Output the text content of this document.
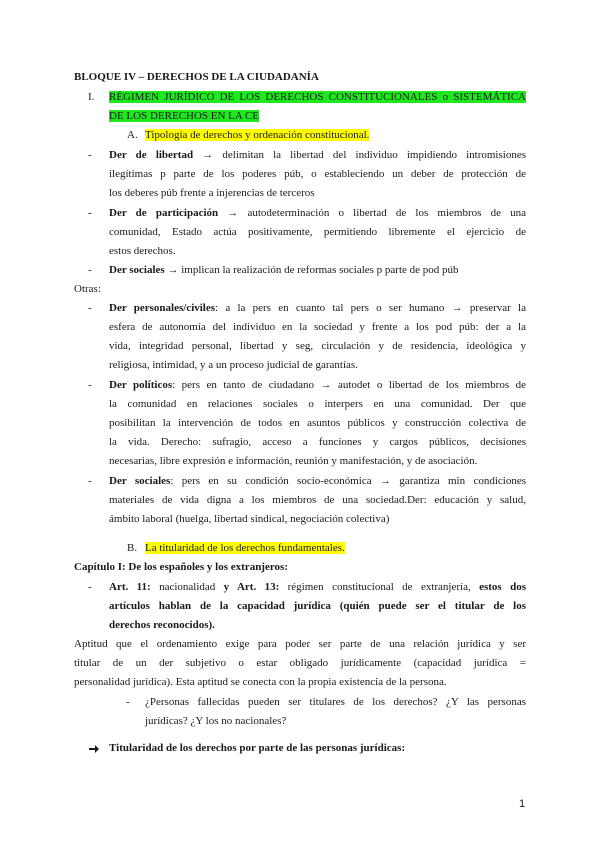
BLOQUE IV – DERECHOS DE LA CIUDADANÍA
I. RÉGIMEN JURÍDICO DE LOS DERECHOS CONSTITUCIONALES o SISTEMÁTICA
DE LOS DERECHOS EN LA CE
A. Tipología de derechos y ordenación constitucional.
- Der de libertad → delimitan la libertad del individuo impidiendo intromisiones
ilegítimas p parte de los poderes púb, o estableciendo un deber de protección de
los deberes púb frente a injerencias de terceros
- Der de participación → autodeterminación o libertad de los miembros de una
comunidad, Estado actúa positivamente, permitiendo libremente el ejercicio de
estos derechos.
- Der sociales → implican la realización de reformas sociales p parte de pod púb
Otras:
- Der personales/civiles: a la pers en cuanto tal pers o ser humano → preservar la
esfera de autonomía del individuo en la sociedad y frente a los pod púb: der a la
vida, integridad personal, libertad y seg, circulación y de residencia, ideológica y
religiosa, intimidad, y a un proceso judicial de garantías.
- Der políticos: pers en tanto de ciudadano → autodet o libertad de los miembros de
la comunidad en relaciones sociales o interpers en una comunidad. Der que
posibilitan la intervención de todos en asuntos públicos y construcción colectiva de
la vida. Derecho: sufragio, acceso a funciones y cargos públicos, decisiones
necesarias, libre expresión e información, reunión y manifestación, y de asociación.
- Der sociales: pers en su condición socio-económica → garantiza min condiciones
materiales de vida digna a los miembros de una sociedad.Der: educación y salud,
ámbito laboral (huelga, libertad sindical, negociación colectiva)
B. La titularidad de los derechos fundamentales.
Capítulo I: De los españoles y los extranjeros:
- Art. 11: nacionalidad y Art. 13: régimen constitucional de extranjería, estos dos
artículos hablan de la capacidad jurídica (quién puede ser el titular de los
derechos reconocidos).
Aptitud que el ordenamiento exige para poder ser parte de una relación jurídica y ser
titular de un der subjetivo o estar obligado jurídicamente (capacidad jurídica =
personalidad jurídica). Esta aptitud se conecta con la propia existencia de la persona.
- ¿Personas fallecidas pueden ser titulares de los derechos? ¿Y las personas
jurídicas? ¿Y los no nacionales?
Titularidad de los derechos por parte de las personas jurídicas:
1
